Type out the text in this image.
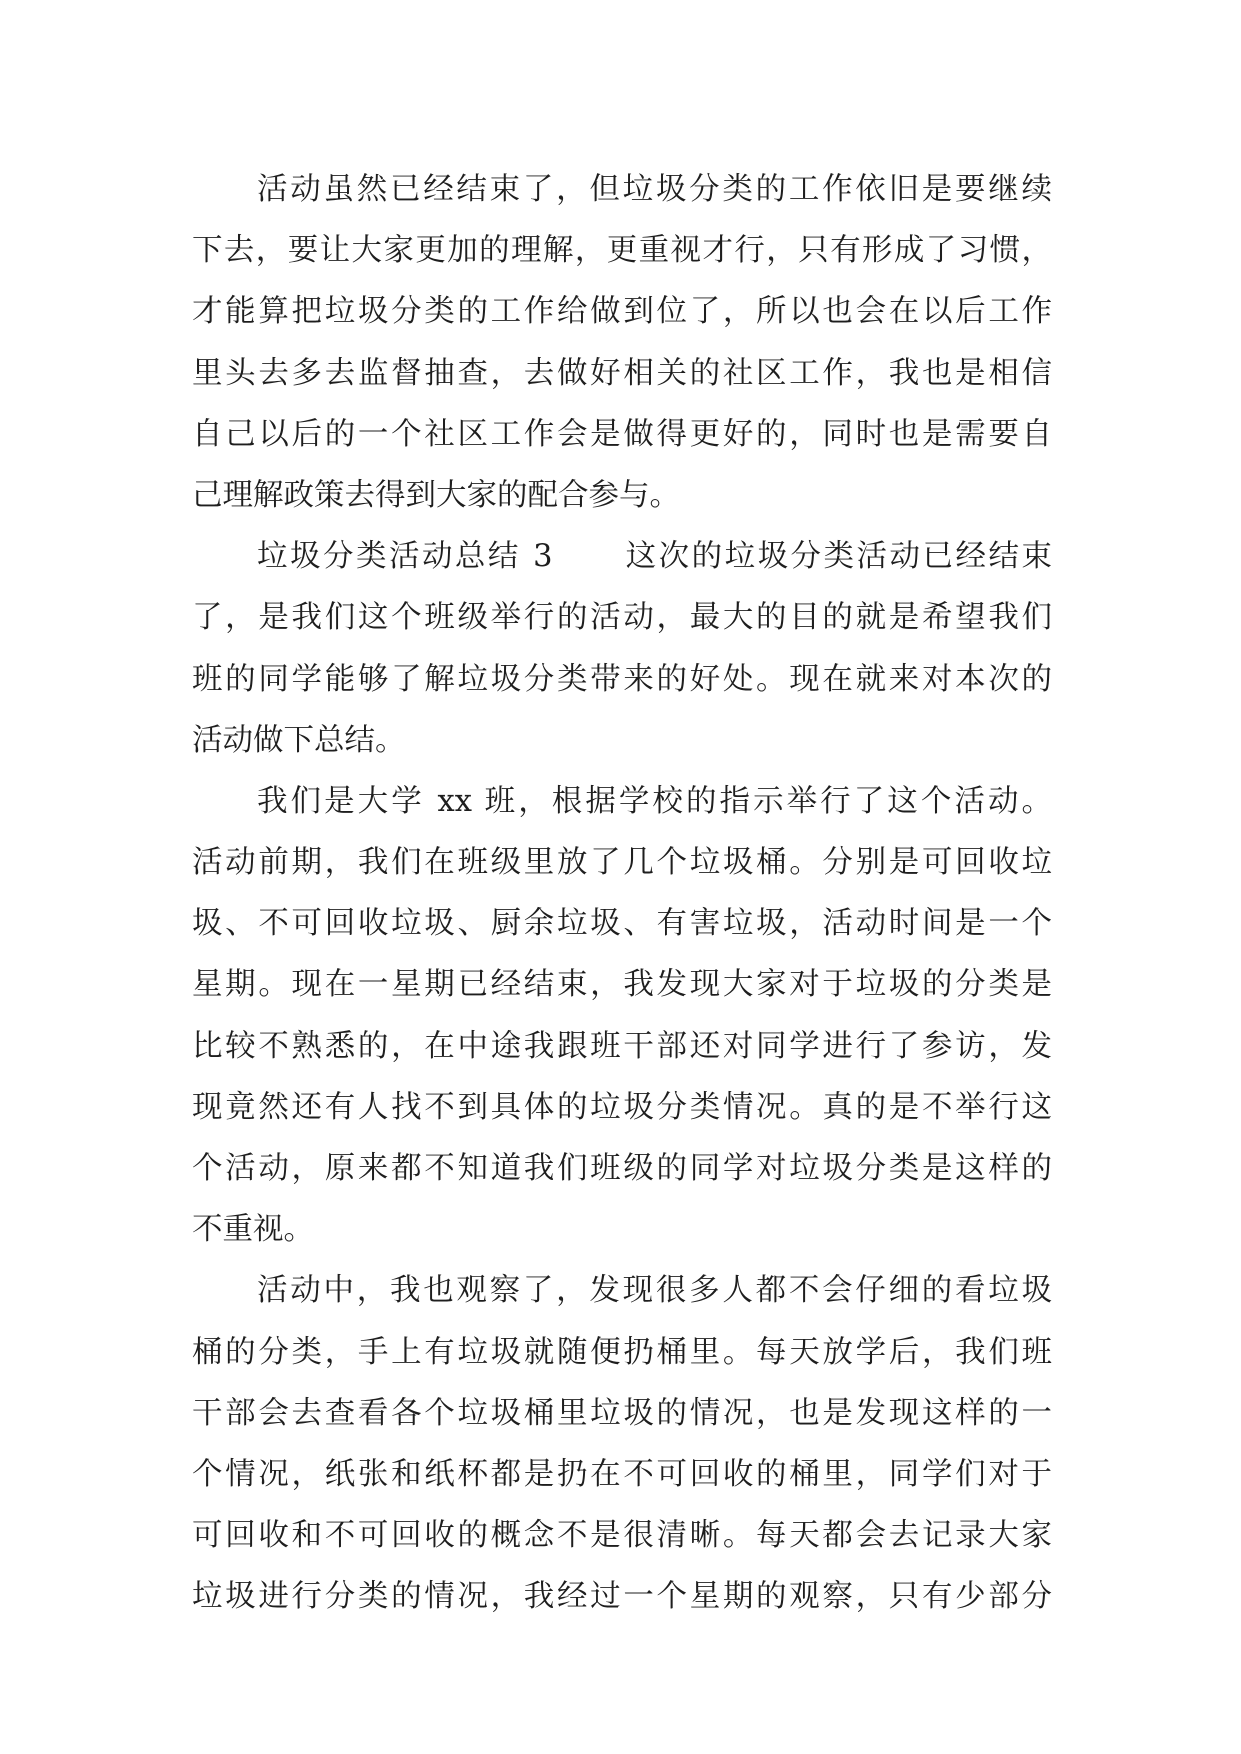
活动虽然已经结束了，但垃圾分类的工作依旧是要继续
下去，要让大家更加的理解，更重视才行，只有形成了习惯，
才能算把垃圾分类的工作给做到位了，所以也会在以后工作
里头去多去监督抽查，去做好相关的社区工作，我也是相信
自己以后的一个社区工作会是做得更好的，同时也是需要自
己理解政策去得到大家的配合参与。
垃圾分类活动总结 3      这次的垃圾分类活动已经结束
了，是我们这个班级举行的活动，最大的目的就是希望我们
班的同学能够了解垃圾分类带来的好处。现在就来对本次的
活动做下总结。
我们是大学 xx 班，根据学校的指示举行了这个活动。
活动前期，我们在班级里放了几个垃圾桶。分别是可回收垃
圾、不可回收垃圾、厨余垃圾、有害垃圾，活动时间是一个
星期。现在一星期已经结束，我发现大家对于垃圾的分类是
比较不熟悉的，在中途我跟班干部还对同学进行了参访，发
现竟然还有人找不到具体的垃圾分类情况。真的是不举行这
个活动，原来都不知道我们班级的同学对垃圾分类是这样的
不重视。
活动中，我也观察了，发现很多人都不会仔细的看垃圾
桶的分类，手上有垃圾就随便扔桶里。每天放学后，我们班
干部会去查看各个垃圾桶里垃圾的情况，也是发现这样的一
个情况，纸张和纸杯都是扔在不可回收的桶里，同学们对于
可回收和不可回收的概念不是很清晰。每天都会去记录大家
垃圾进行分类的情况，我经过一个星期的观察，只有少部分
